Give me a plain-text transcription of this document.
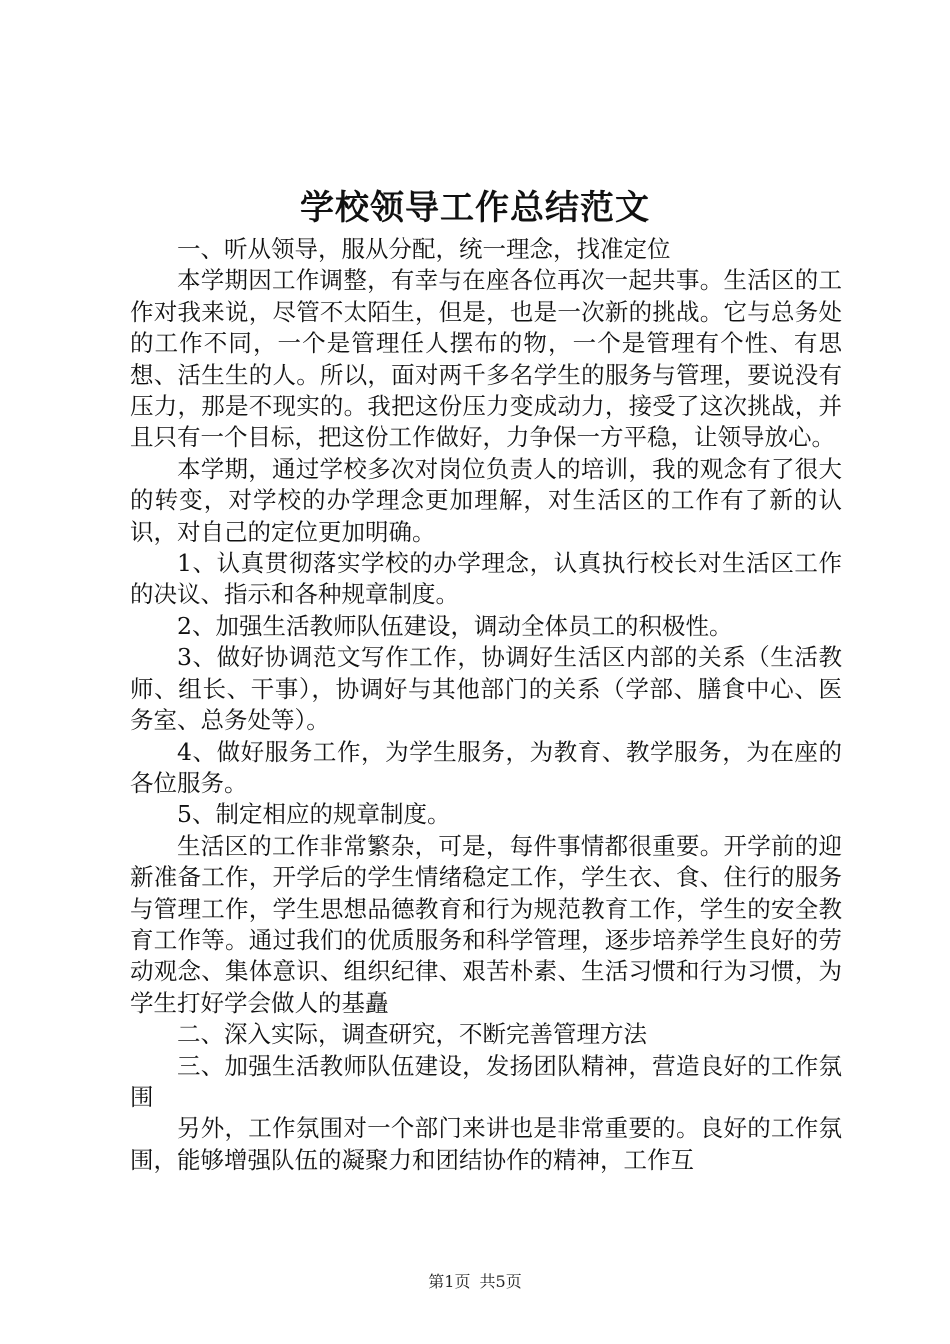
学校领导工作总结范文

一、听从领导，服从分配，统一理念，找准定位

本学期因工作调整，有幸与在座各位再次一起共事。生活区的工作对我来说，尽管不太陌生，但是，也是一次新的挑战。它与总务处的工作不同，一个是管理任人摆布的物，一个是管理有个性、有思想、活生生的人。所以，面对两千多名学生的服务与管理，要说没有压力，那是不现实的。我把这份压力变成动力，接受了这次挑战，并且只有一个目标，把这份工作做好，力争保一方平稳，让领导放心。

本学期，通过学校多次对岗位负责人的培训，我的观念有了很大的转变，对学校的办学理念更加理解，对生活区的工作有了新的认识，对自己的定位更加明确。

1、认真贯彻落实学校的办学理念，认真执行校长对生活区工作的决议、指示和各种规章制度。

2、加强生活教师队伍建设，调动全体员工的积极性。

3、做好协调范文写作工作，协调好生活区内部的关系（生活教师、组长、干事），协调好与其他部门的关系（学部、膳食中心、医务室、总务处等）。

4、做好服务工作，为学生服务，为教育、教学服务，为在座的各位服务。

5、制定相应的规章制度。

生活区的工作非常繁杂，可是，每件事情都很重要。开学前的迎新准备工作，开学后的学生情绪稳定工作，学生衣、食、住行的服务与管理工作，学生思想品德教育和行为规范教育工作，学生的安全教育工作等。通过我们的优质服务和科学管理，逐步培养学生良好的劳动观念、集体意识、组织纪律、艰苦朴素、生活习惯和行为习惯，为学生打好学会做人的基矗

二、深入实际，调查研究，不断完善管理方法

三、加强生活教师队伍建设，发扬团队精神，营造良好的工作氛围

另外，工作氛围对一个部门来讲也是非常重要的。良好的工作氛围，能够增强队伍的凝聚力和团结协作的精神，工作互

第1页 共5页
